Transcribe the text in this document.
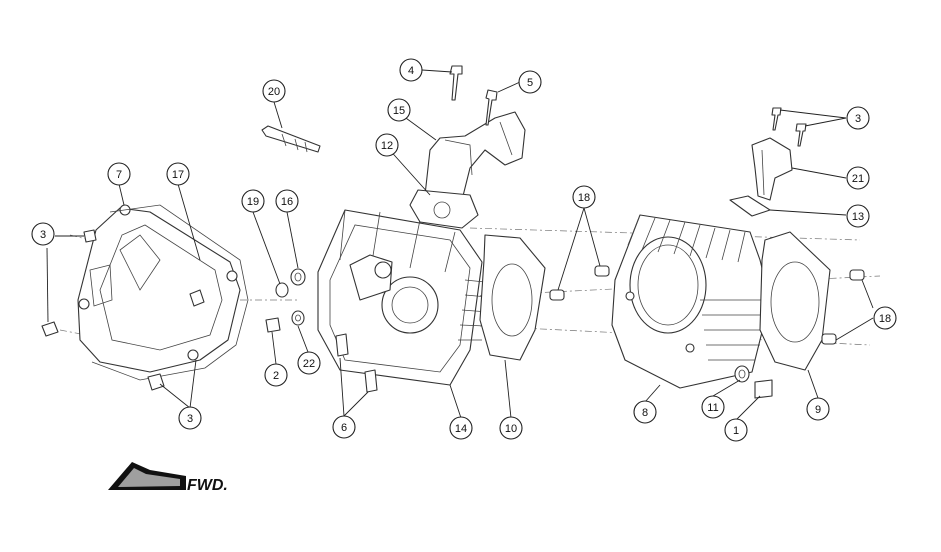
FWD.
1
2
3
3
3
4
5
6
7
8	9
10
11
12
13
14
15
16
17
18
18
19
20
21
22
